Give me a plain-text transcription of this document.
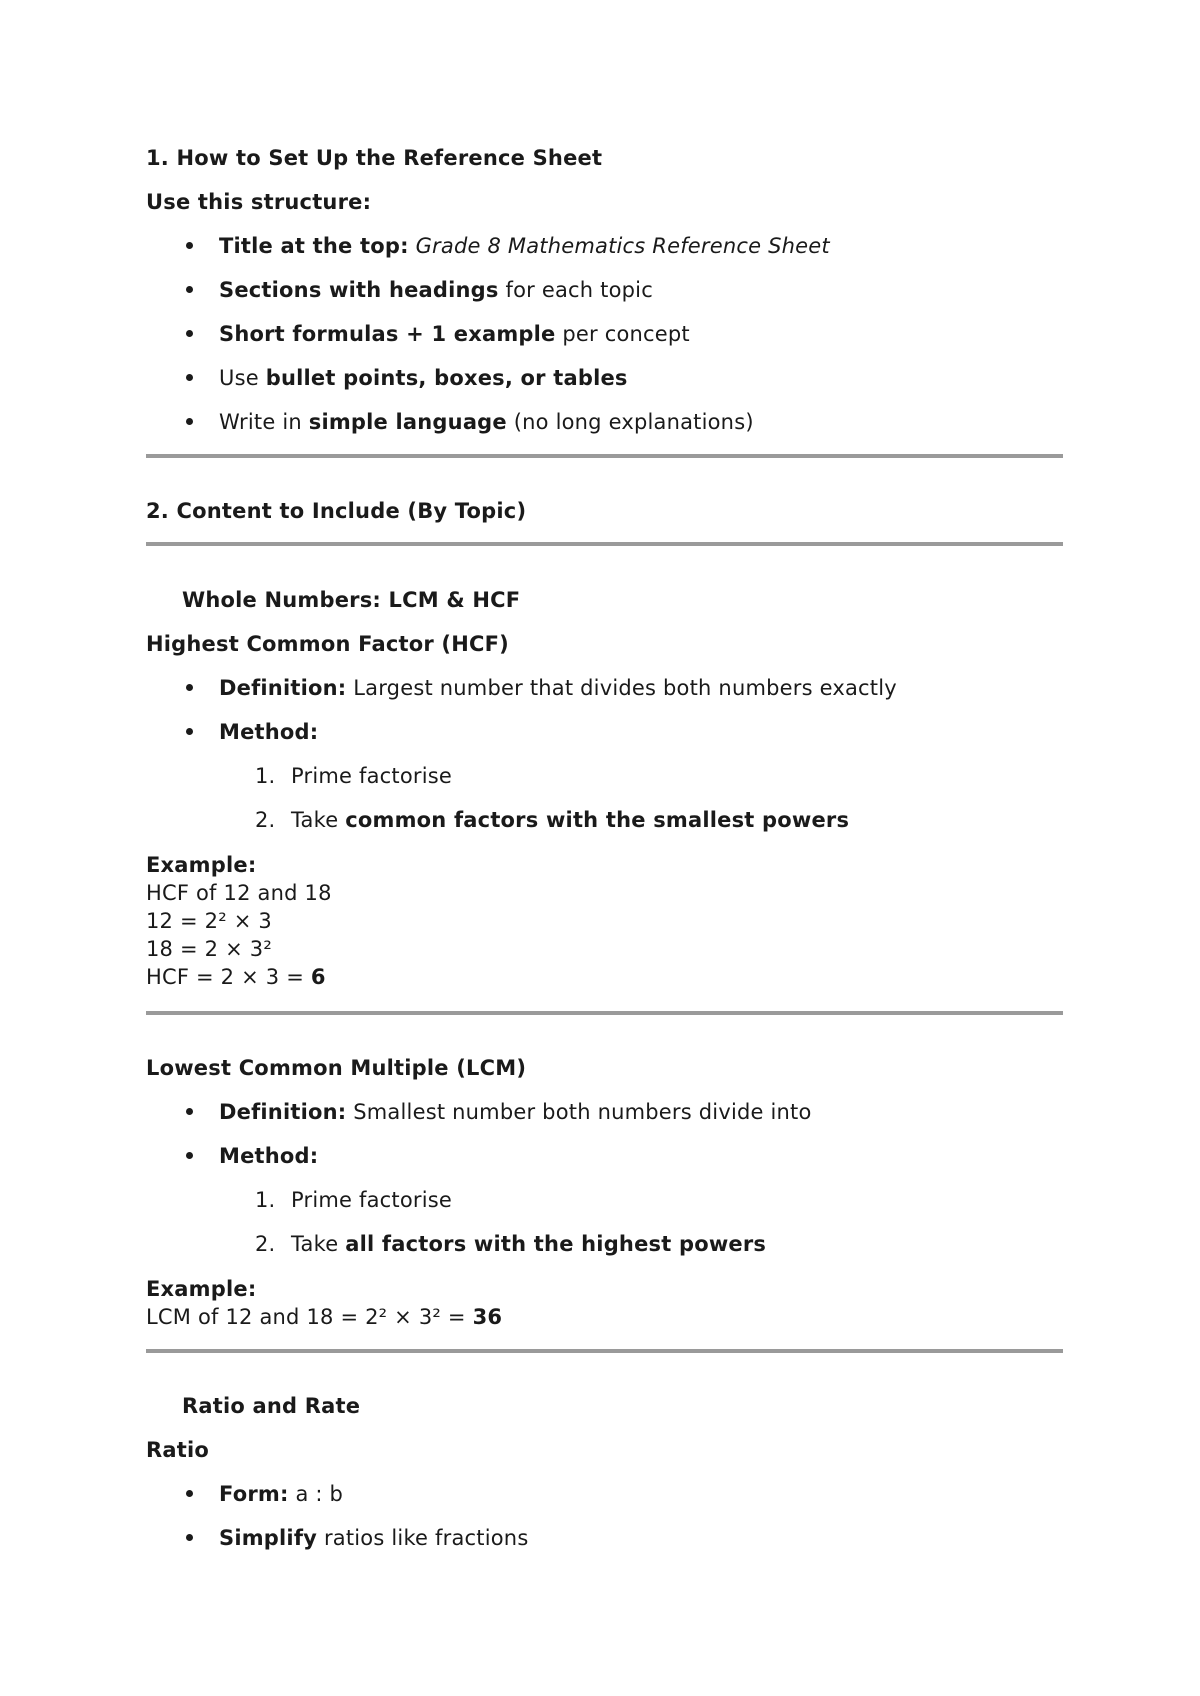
1. How to Set Up the Reference Sheet

Use this structure:

Title at the top: Grade 8 Mathematics Reference Sheet

Sections with headings for each topic

Short formulas + 1 example per concept

Use bullet points, boxes, or tables

Write in simple language (no long explanations)

2. Content to Include (By Topic)

Whole Numbers: LCM & HCF

Highest Common Factor (HCF)

Definition: Largest number that divides both numbers exactly

Method:

1. Prime factorise

2. Take common factors with the smallest powers

Example:

HCF of 12 and 18

12 = 2² × 3

18 = 2 × 3²

HCF = 2 × 3 = 6

Lowest Common Multiple (LCM)

Definition: Smallest number both numbers divide into

Method:

1. Prime factorise

2. Take all factors with the highest powers

Example:

LCM of 12 and 18 = 2² × 3² = 36

Ratio and Rate

Ratio

Form: a : b

Simplify ratios like fractions
